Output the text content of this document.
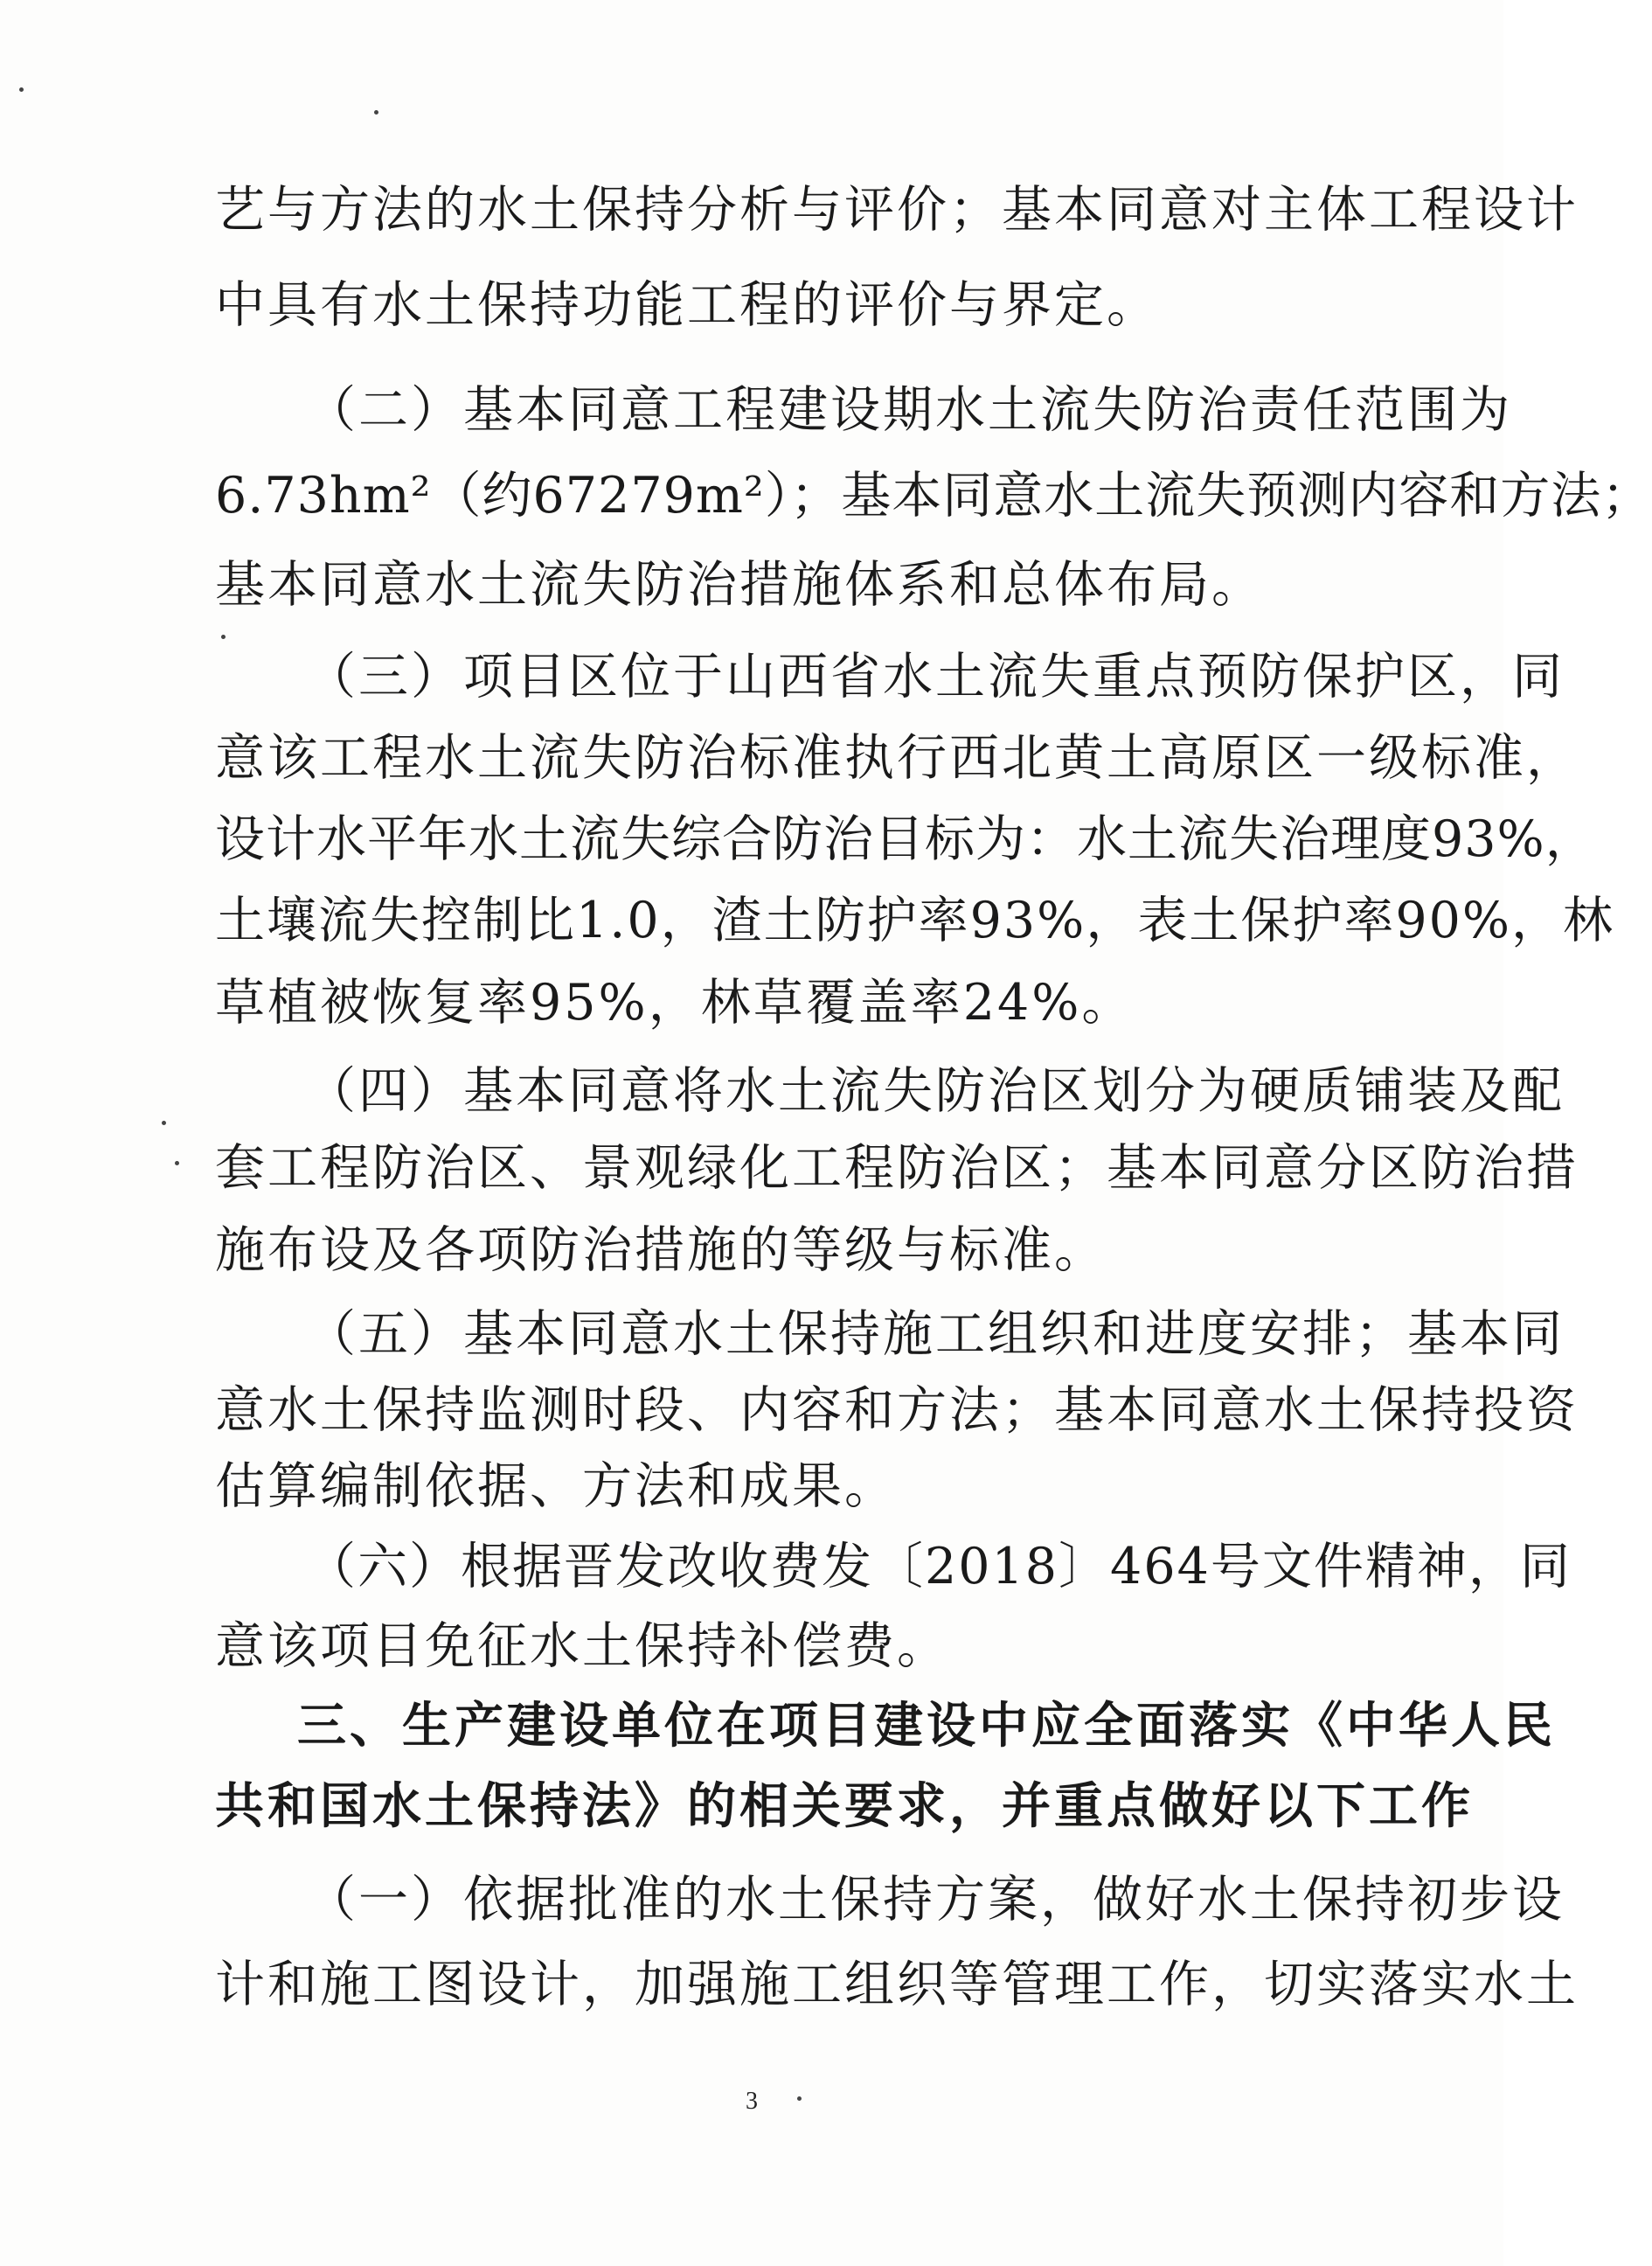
艺与方法的水土保持分析与评价；基本同意对主体工程设计
中具有水土保持功能工程的评价与界定。
（二）基本同意工程建设期水土流失防治责任范围为
6.73hm²（约67279m²）；基本同意水土流失预测内容和方法；
基本同意水土流失防治措施体系和总体布局。
（三）项目区位于山西省水土流失重点预防保护区，同
意该工程水土流失防治标准执行西北黄土高原区一级标准，
设计水平年水土流失综合防治目标为：水土流失治理度93%，
土壤流失控制比1.0，渣土防护率93%，表土保护率90%，林
草植被恢复率95%，林草覆盖率24%。
（四）基本同意将水土流失防治区划分为硬质铺装及配
套工程防治区、景观绿化工程防治区；基本同意分区防治措
施布设及各项防治措施的等级与标准。
（五）基本同意水土保持施工组织和进度安排；基本同
意水土保持监测时段、内容和方法；基本同意水土保持投资
估算编制依据、方法和成果。
（六）根据晋发改收费发〔2018〕464号文件精神，同
意该项目免征水土保持补偿费。
三、生产建设单位在项目建设中应全面落实《中华人民
共和国水土保持法》的相关要求，并重点做好以下工作
（一）依据批准的水土保持方案，做好水土保持初步设
计和施工图设计，加强施工组织等管理工作，切实落实水土
3
